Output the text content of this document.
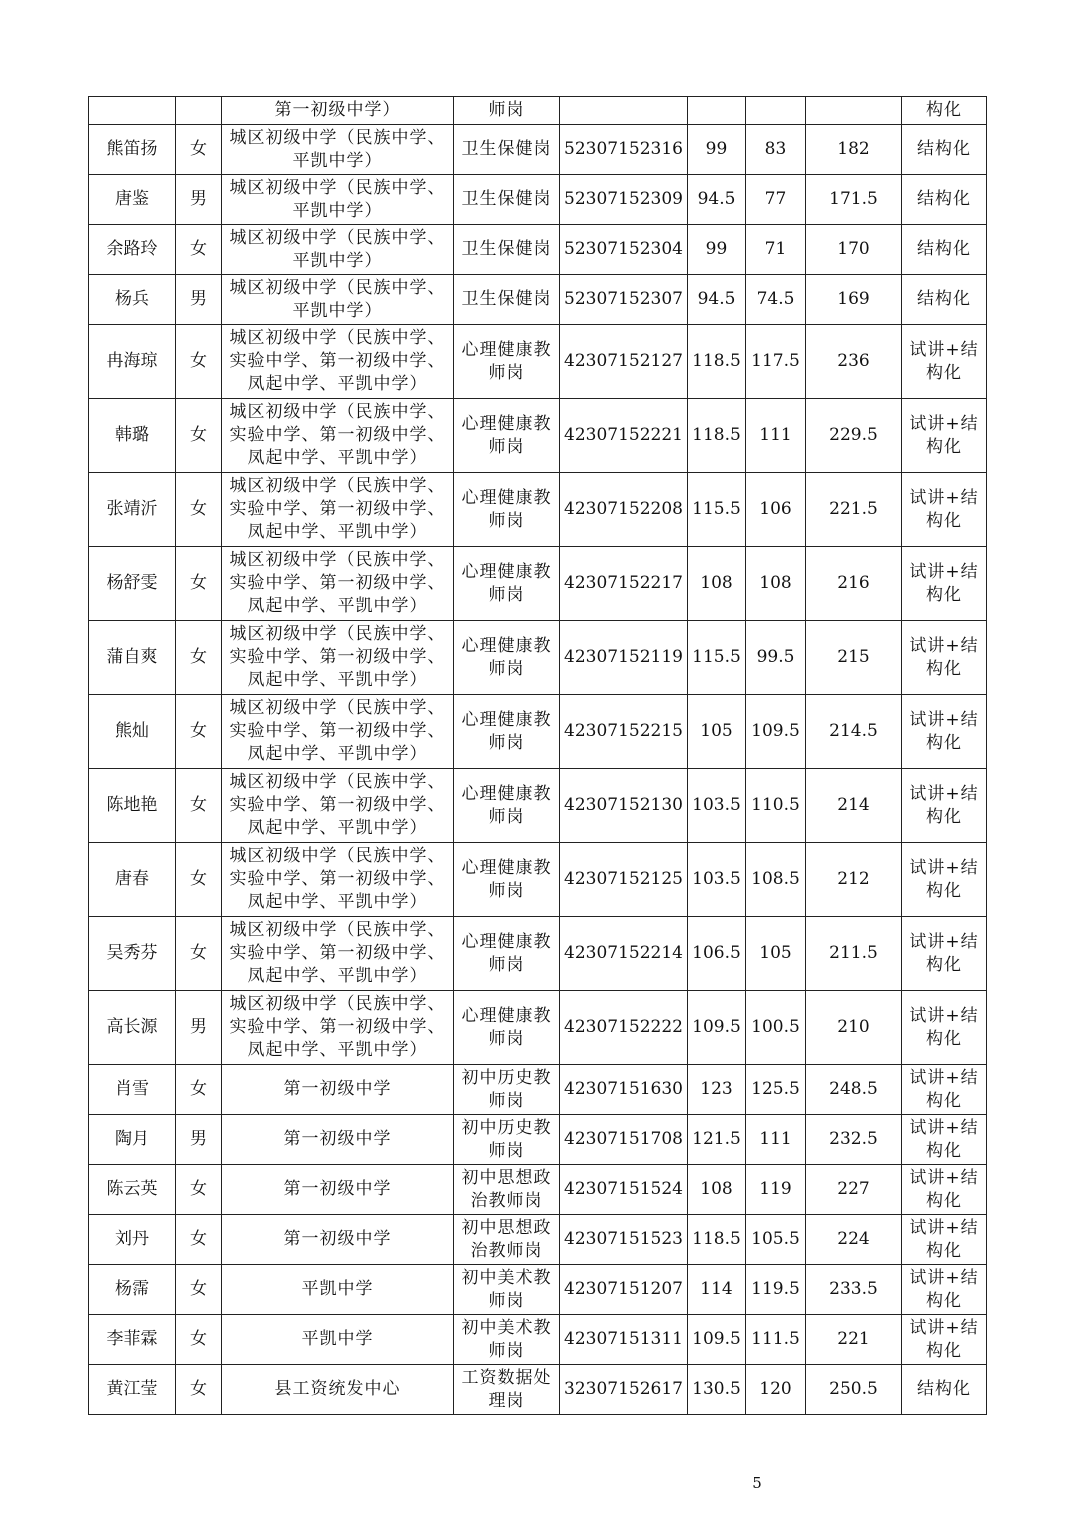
		第一初级中学）	师岗					构化

熊笛扬	女	城区初级中学（民族中学、
平凯中学）	卫生保健岗	52307152316	99	83	182	结构化

唐鉴	男	城区初级中学（民族中学、
平凯中学）	卫生保健岗	52307152309	94.5	77	171.5	结构化

余路玲	女	城区初级中学（民族中学、
平凯中学）	卫生保健岗	52307152304	99	71	170	结构化

杨兵	男	城区初级中学（民族中学、
平凯中学）	卫生保健岗	52307152307	94.5	74.5	169	结构化

冉海琼	女	城区初级中学（民族中学、
实验中学、第一初级中学、
凤起中学、平凯中学）	心理健康教
师岗	42307152127	118.5	117.5	236	试讲+结
构化

韩璐	女	城区初级中学（民族中学、
实验中学、第一初级中学、
凤起中学、平凯中学）	心理健康教
师岗	42307152221	118.5	111	229.5	试讲+结
构化

张靖沂	女	城区初级中学（民族中学、
实验中学、第一初级中学、
凤起中学、平凯中学）	心理健康教
师岗	42307152208	115.5	106	221.5	试讲+结
构化

杨舒雯	女	城区初级中学（民族中学、
实验中学、第一初级中学、
凤起中学、平凯中学）	心理健康教
师岗	42307152217	108	108	216	试讲+结
构化

蒲自爽	女	城区初级中学（民族中学、
实验中学、第一初级中学、
凤起中学、平凯中学）	心理健康教
师岗	42307152119	115.5	99.5	215	试讲+结
构化

熊灿	女	城区初级中学（民族中学、
实验中学、第一初级中学、
凤起中学、平凯中学）	心理健康教
师岗	42307152215	105	109.5	214.5	试讲+结
构化

陈地艳	女	城区初级中学（民族中学、
实验中学、第一初级中学、
凤起中学、平凯中学）	心理健康教
师岗	42307152130	103.5	110.5	214	试讲+结
构化

唐春	女	城区初级中学（民族中学、
实验中学、第一初级中学、
凤起中学、平凯中学）	心理健康教
师岗	42307152125	103.5	108.5	212	试讲+结
构化

吴秀芬	女	城区初级中学（民族中学、
实验中学、第一初级中学、
凤起中学、平凯中学）	心理健康教
师岗	42307152214	106.5	105	211.5	试讲+结
构化

高长源	男	城区初级中学（民族中学、
实验中学、第一初级中学、
凤起中学、平凯中学）	心理健康教
师岗	42307152222	109.5	100.5	210	试讲+结
构化

肖雪	女	第一初级中学	初中历史教
师岗	42307151630	123	125.5	248.5	试讲+结
构化

陶月	男	第一初级中学	初中历史教
师岗	42307151708	121.5	111	232.5	试讲+结
构化

陈云英	女	第一初级中学	初中思想政
治教师岗	42307151524	108	119	227	试讲+结
构化

刘丹	女	第一初级中学	初中思想政
治教师岗	42307151523	118.5	105.5	224	试讲+结
构化

杨霈	女	平凯中学	初中美术教
师岗	42307151207	114	119.5	233.5	试讲+结
构化

李菲霖	女	平凯中学	初中美术教
师岗	42307151311	109.5	111.5	221	试讲+结
构化

黄江莹	女	县工资统发中心	工资数据处
理岗	32307152617	130.5	120	250.5	结构化
5
